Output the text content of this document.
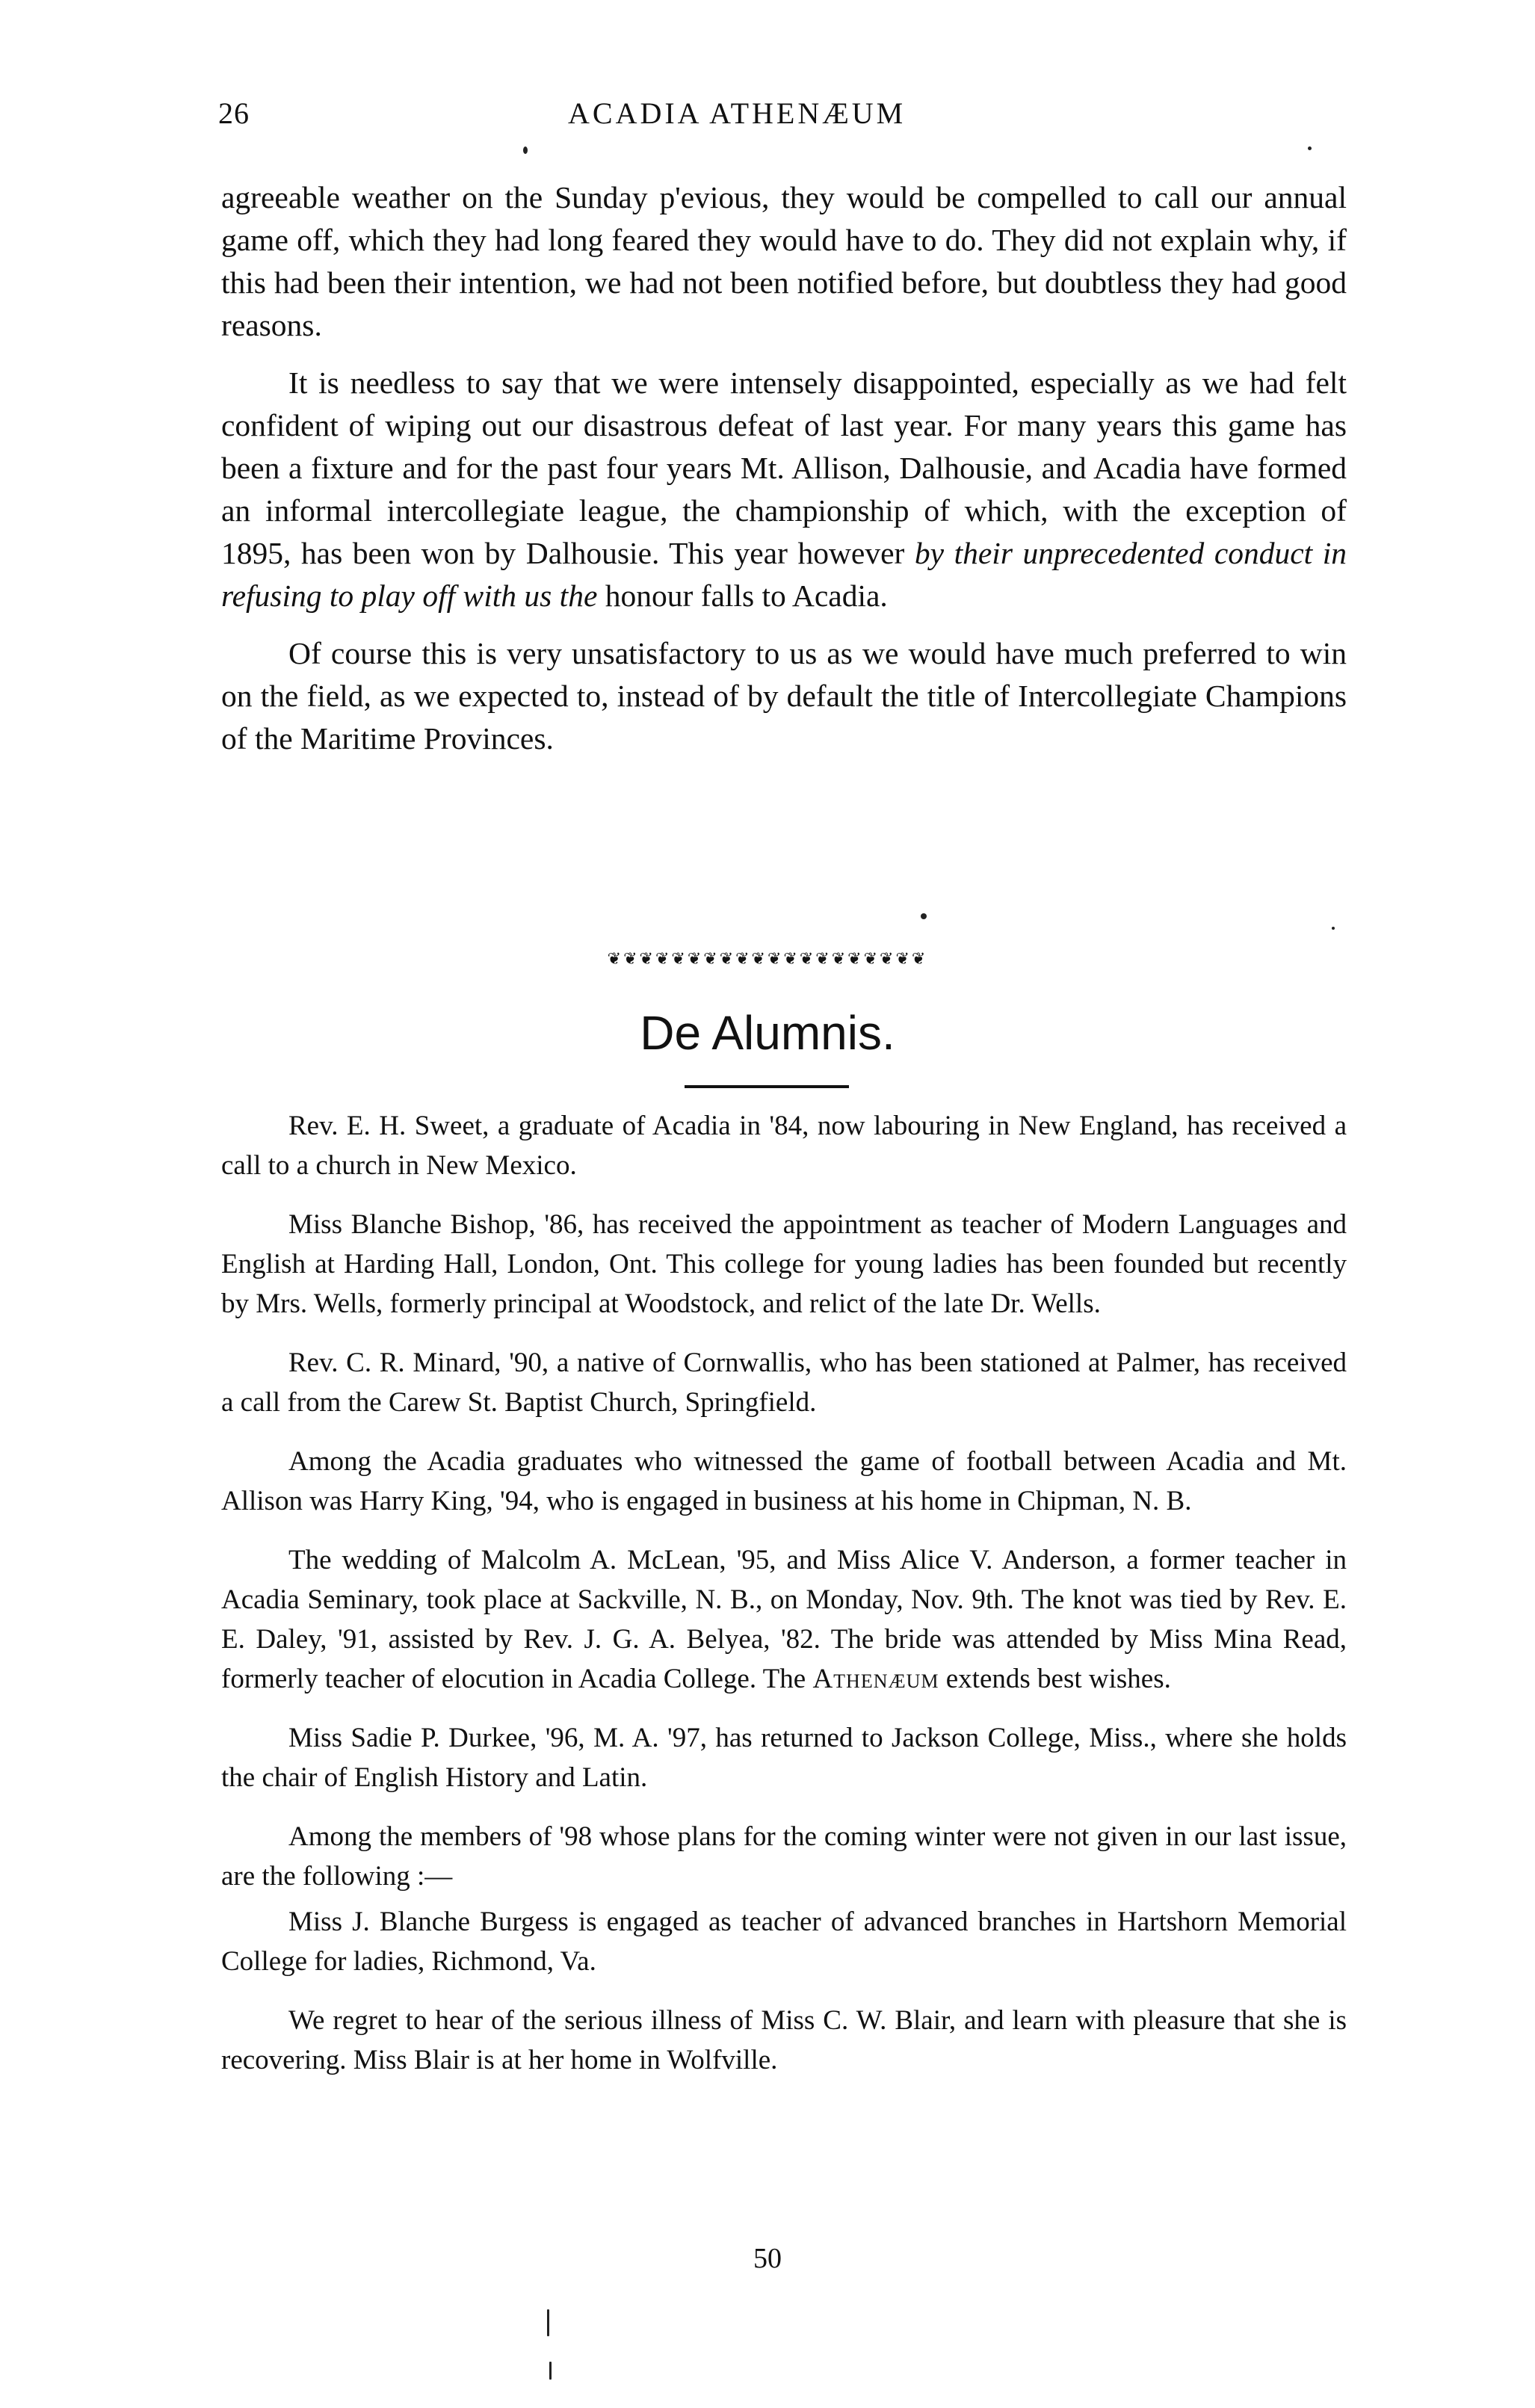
26	ACADIA ATHENÆUM

agreeable weather on the Sunday p'evious, they would be compelled to call our annual game off, which they had long feared they would have to do. They did not explain why, if this had been their intention, we had not been notified before, but doubtless they had good reasons.

It is needless to say that we were intensely disappointed, especially as we had felt confident of wiping out our disastrous defeat of last year. For many years this game has been a fixture and for the past four years Mt. Allison, Dalhousie, and Acadia have formed an informal intercollegiate league, the championship of which, with the exception of 1895, has been won by Dalhousie. This year however by their unprecedented conduct in refusing to play off with us the honour falls to Acadia.

Of course this is very unsatisfactory to us as we would have much preferred to win on the field, as we expected to, instead of by default the title of Intercollegiate Champions of the Maritime Provinces.

❦❦❦❦❦❦❦❦❦❦❦❦❦❦❦❦❦❦❦❦
De Alumnis.

Rev. E. H. Sweet, a graduate of Acadia in '84, now labouring in New England, has received a call to a church in New Mexico.

Miss Blanche Bishop, '86, has received the appointment as teacher of Modern Languages and English at Harding Hall, London, Ont. This college for young ladies has been founded but recently by Mrs. Wells, formerly principal at Woodstock, and relict of the late Dr. Wells.

Rev. C. R. Minard, '90, a native of Cornwallis, who has been stationed at Palmer, has received a call from the Carew St. Baptist Church, Springfield.

Among the Acadia graduates who witnessed the game of football between Acadia and Mt. Allison was Harry King, '94, who is engaged in business at his home in Chipman, N. B.

The wedding of Malcolm A. McLean, '95, and Miss Alice V. Anderson, a former teacher in Acadia Seminary, took place at Sackville, N. B., on Monday, Nov. 9th. The knot was tied by Rev. E. E. Daley, '91, assisted by Rev. J. G. A. Belyea, '82. The bride was attended by Miss Mina Read, formerly teacher of elocution in Acadia College. The Athenæum extends best wishes.

Miss Sadie P. Durkee, '96, M. A. '97, has returned to Jackson College, Miss., where she holds the chair of English History and Latin.

Among the members of '98 whose plans for the coming winter were not given in our last issue, are the following :—

Miss J. Blanche Burgess is engaged as teacher of advanced branches in Hartshorn Memorial College for ladies, Richmond, Va.

We regret to hear of the serious illness of Miss C. W. Blair, and learn with pleasure that she is recovering. Miss Blair is at her home in Wolfville.

50
